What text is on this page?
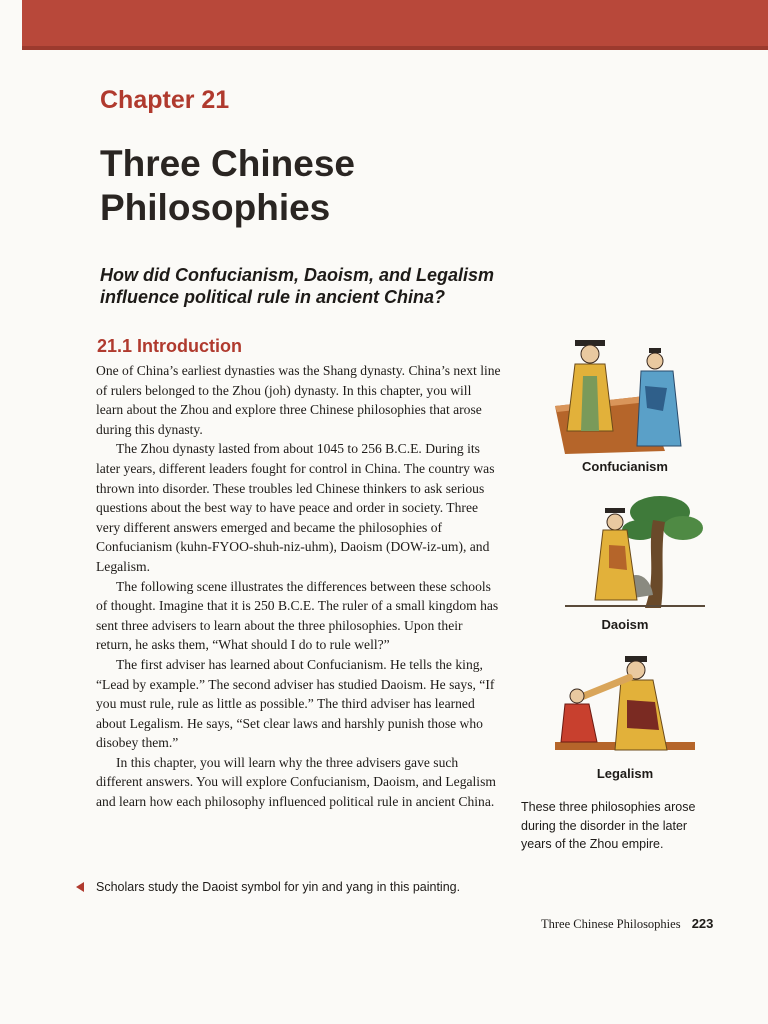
Chapter 21
Three Chinese Philosophies

How did Confucianism, Daoism, and Legalism influence political rule in ancient China?

21.1 Introduction

One of China’s earliest dynasties was the Shang dynasty. China’s next line of rulers belonged to the Zhou (joh) dynasty. In this chapter, you will learn about the Zhou and explore three Chinese philosophies that arose during this dynasty.

The Zhou dynasty lasted from about 1045 to 256 B.C.E. During its later years, different leaders fought for control in China. The country was thrown into disorder. These troubles led Chinese thinkers to ask serious questions about the best way to have peace and order in society. Three very different answers emerged and became the philosophies of Confucianism (kuhn-FYOO-shuh-niz-uhm), Daoism (DOW-iz-um), and Legalism.

The following scene illustrates the differences between these schools of thought. Imagine that it is 250 B.C.E. The ruler of a small kingdom has sent three advisers to learn about the three philosophies. Upon their return, he asks them, “What should I do to rule well?”

The first adviser has learned about Confucianism. He tells the king, “Lead by example.” The second adviser has studied Daoism. He says, “If you must rule, rule as little as possible.” The third adviser has learned about Legalism. He says, “Set clear laws and harshly punish those who disobey them.”

In this chapter, you will learn why the three advisers gave such different answers. You will explore Confucianism, Daoism, and Legalism and learn how each philosophy influenced political rule in ancient China.

Confucianism
Daoism
Legalism
These three philosophies arose during the disorder in the later years of the Zhou empire.
Scholars study the Daoist symbol for yin and yang in this painting.
Three Chinese Philosophies 223
